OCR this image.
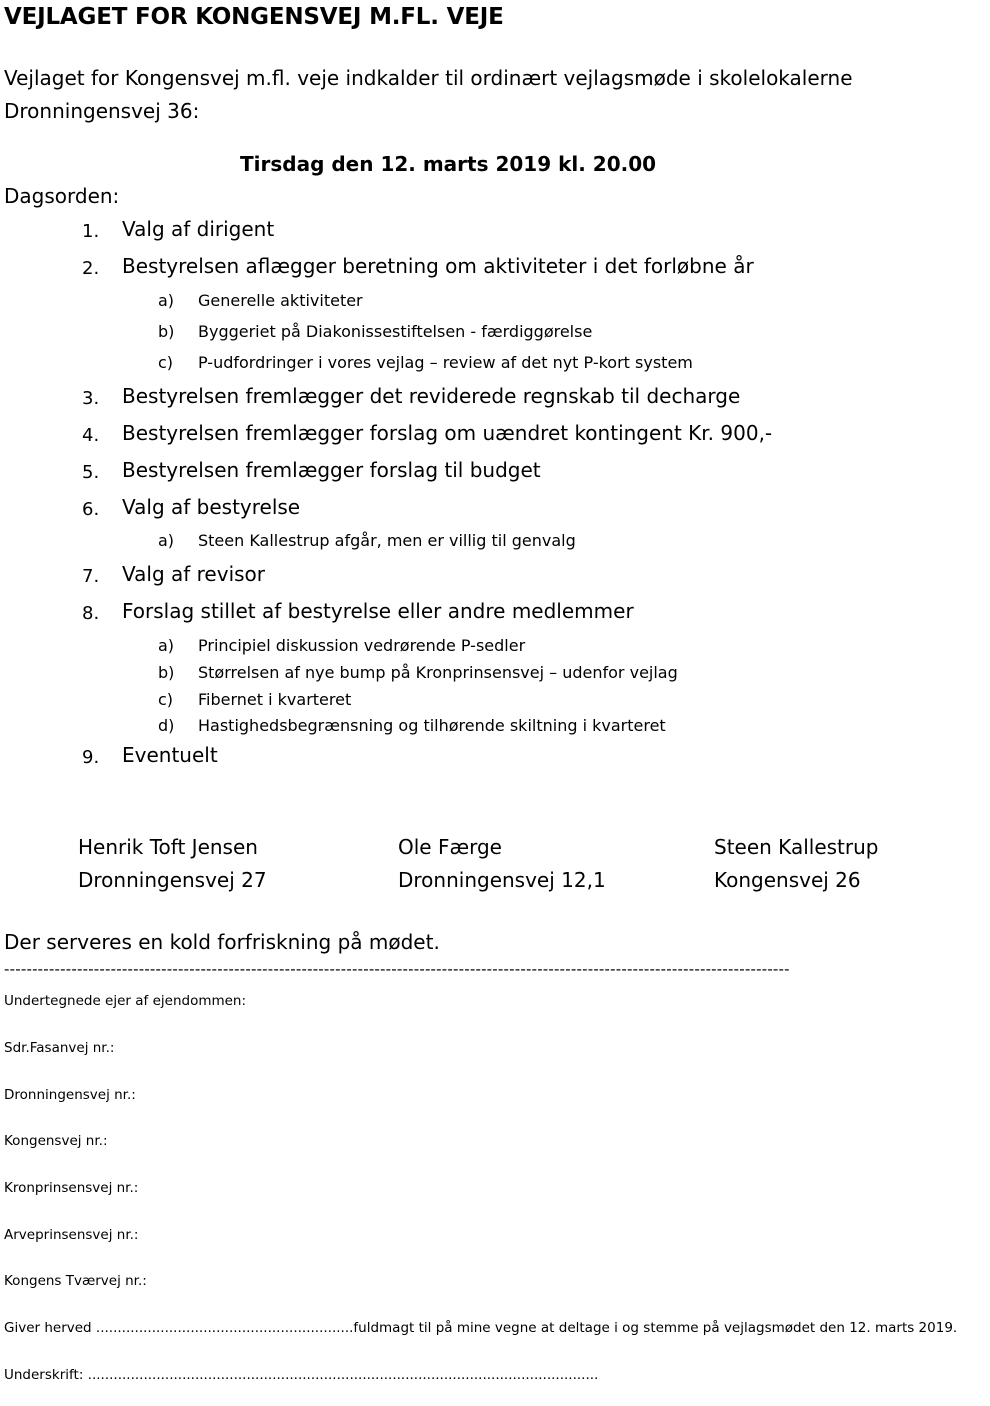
VEJLAGET FOR KONGENSVEJ M.FL. VEJE
Vejlaget for Kongensvej m.fl. veje indkalder til ordinært vejlagsmøde i skolelokalerne
Dronningensvej 36:
Tirsdag den 12. marts 2019 kl. 20.00
Dagsorden:
1. Valg af dirigent
2. Bestyrelsen aflægger beretning om aktiviteter i det forløbne år
a) Generelle aktiviteter
b) Byggeriet på Diakonissestiftelsen - færdiggørelse
c) P-udfordringer i vores vejlag – review af det nyt P-kort system
3. Bestyrelsen fremlægger det reviderede regnskab til decharge
4. Bestyrelsen fremlægger forslag om uændret kontingent Kr. 900,-
5. Bestyrelsen fremlægger forslag til budget
6. Valg af bestyrelse
a) Steen Kallestrup afgår, men er villig til genvalg
7. Valg af revisor
8. Forslag stillet af bestyrelse eller andre medlemmer
a) Principiel diskussion vedrørende P-sedler
b) Størrelsen af nye bump på Kronprinsensvej – udenfor vejlag
c) Fibernet i kvarteret
d) Hastighedsbegrænsning og tilhørende skiltning i kvarteret
9. Eventuelt
Henrik Toft Jensen
Dronningensvej 27
Ole Færge
Dronningensvej 12,1
Steen Kallestrup
Kongensvej 26
Der serveres en kold forfriskning på mødet.
--------------------------------------------------------------------------------------------------------------------------------------------
Undertegnede ejer af ejendommen:
Sdr.Fasanvej nr.:
Dronningensvej nr.:
Kongensvej nr.:
Kronprinsensvej nr.:
Arveprinsensvej nr.:
Kongens Tværvej nr.:
Giver herved ............................................................fuldmagt til på mine vegne at deltage i og stemme på vejlagsmødet den 12. marts 2019.
Underskrift: .......................................................................................................................
